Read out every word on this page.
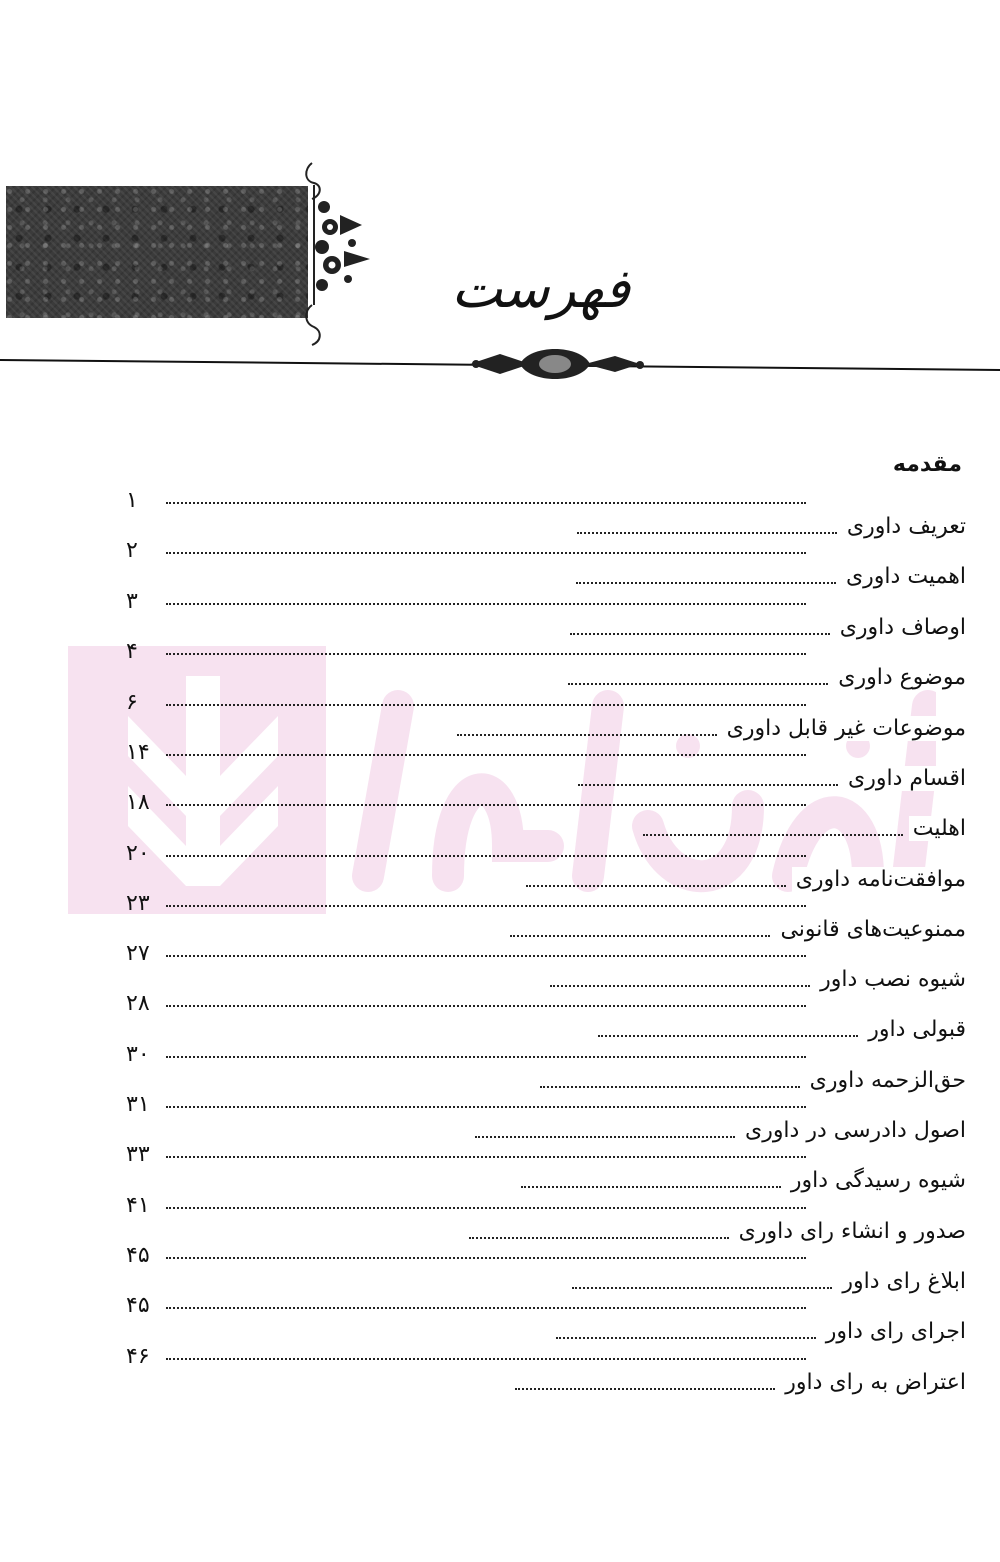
فهرست
مقدمه
۱
تعریف داوری
۲
اهمیت داوری
۳
اوصاف داوری
۴
موضوع داوری
۶
موضوعات غیر قابل داوری
۱۴
اقسام داوری
۱۸
اهلیت
۲۰
موافقت‌نامه داوری
۲۳
ممنوعیت‌های قانونی
۲۷
شیوه نصب داور
۲۸
قبولی داور
۳۰
حق‌الزحمه داوری
۳۱
اصول دادرسی در داوری
۳۳
شیوه رسیدگی داور
۴۱
صدور و انشاء رای داوری
۴۵
ابلاغ رای داور
۴۵
اجرای رای داور
۴۶
اعتراض به رای داور
